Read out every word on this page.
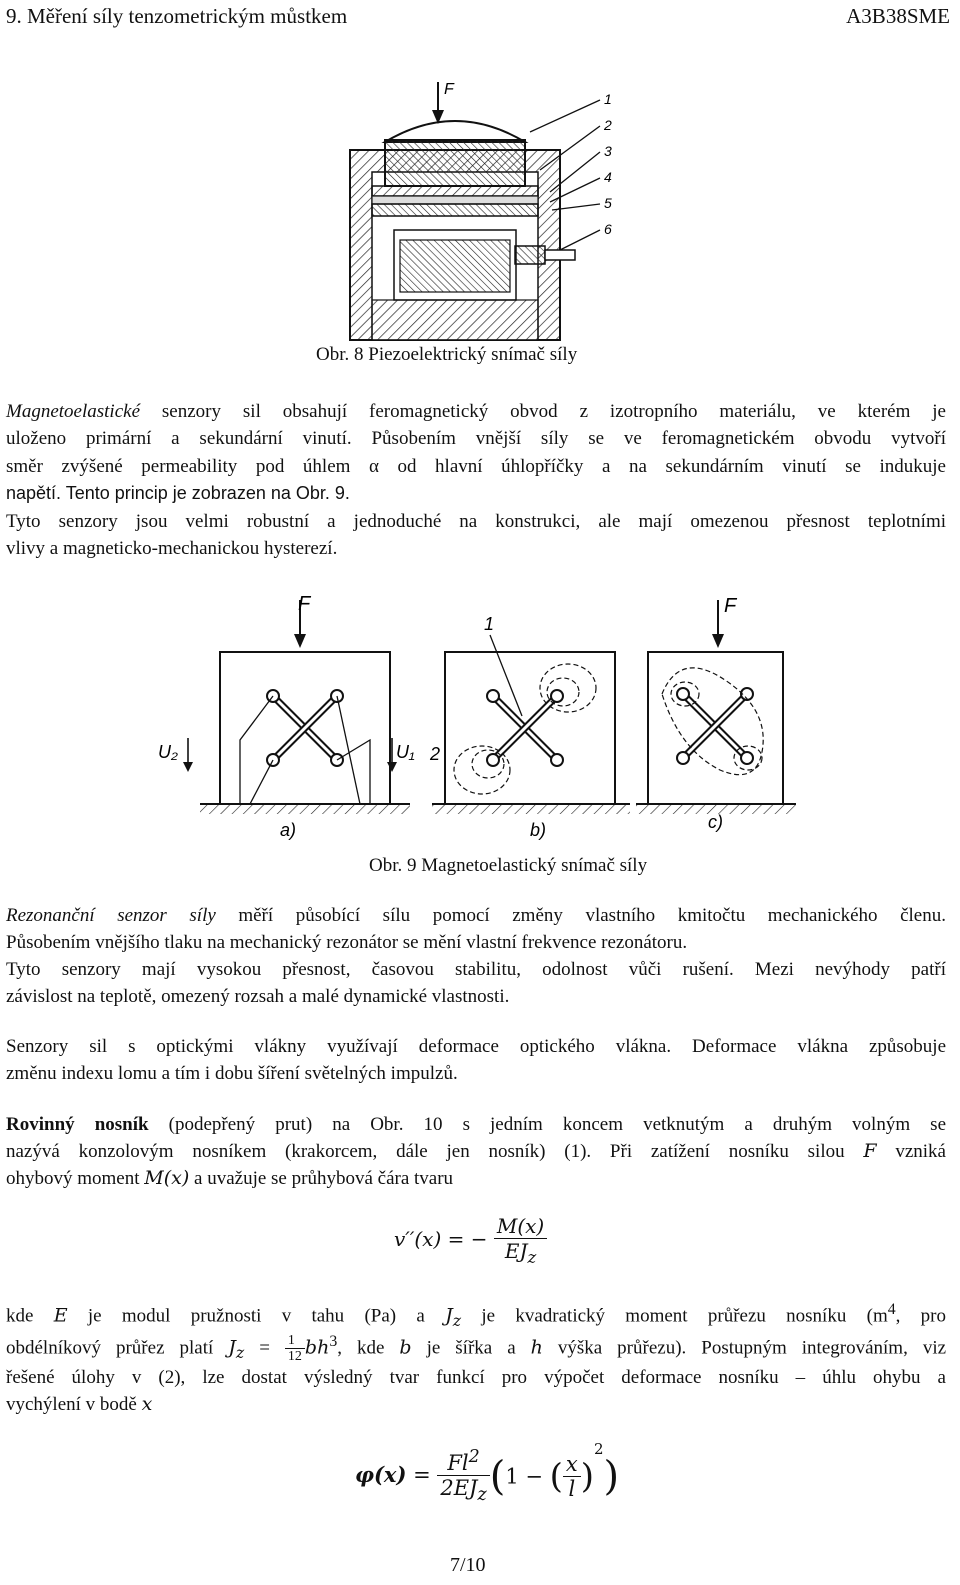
9. Měření síly tenzometrickým můstkem	A3B38SME
F
1
2
3
4
5
6
Obr. 8 Piezoelektrický snímač síly
Magnetoelastické senzory sil obsahují feromagnetický obvod z izotropního materiálu, ve kterém je
uloženo primární a sekundární vinutí. Působením vnější síly se ve feromagnetickém obvodu vytvoří
směr zvýšené permeability pod úhlem α od hlavní úhlopříčky a na sekundárním vinutí se indukuje
napětí. Tento princip je zobrazen na Obr. 9.
Tyto senzory jsou velmi robustní a jednoduché na konstrukci, ale mají omezenou přesnost teplotními
vlivy a magneticko-mechanickou hysterezí.
F
U₂	U₁
a)
1
2
b)
F
c)
Obr. 9 Magnetoelastický snímač síly
Rezonanční senzor síly měří působící sílu pomocí změny vlastního kmitočtu mechanického členu.
Působením vnějšího tlaku na mechanický rezonátor se mění vlastní frekvence rezonátoru.
Tyto senzory mají vysokou přesnost, časovou stabilitu, odolnost vůči rušení. Mezi nevýhody patří
závislost na teplotě, omezený rozsah a malé dynamické vlastnosti.
Senzory sil s optickými vlákny využívají deformace optického vlákna. Deformace vlákna způsobuje
změnu indexu lomu a tím i dobu šíření světelných impulzů.
Rovinný nosník (podepřený prut) na Obr. 10 s jedním koncem vetknutým a druhým volným se
nazývá konzolovým nosníkem (krakorcem, dále jen nosník) (1). Při zatížení nosníku silou F vzniká
ohybový moment M(x) a uvažuje se průhybová čára tvaru
v′′(x) = − $\frac{M(x)}{EJ_z}$
kde E je modul pružnosti v tahu (Pa) a $J_z$ je kvadratický moment průřezu nosníku ($m^4$, pro
obdélníkový průřez platí $J_z = \frac{1}{12} bh^3$, kde b je šířka a h výška průřezu). Postupným integrováním, viz
řešené úlohy v (2), lze dostat výsledný tvar funkcí pro výpočet deformace nosníku – úhlu ohybu a
vychýlení v bodě x
$\varphi(x) = \frac{Fl^2}{2EJ_z} (1$ − ( $\frac{x}{l} )^2$)
7/10
